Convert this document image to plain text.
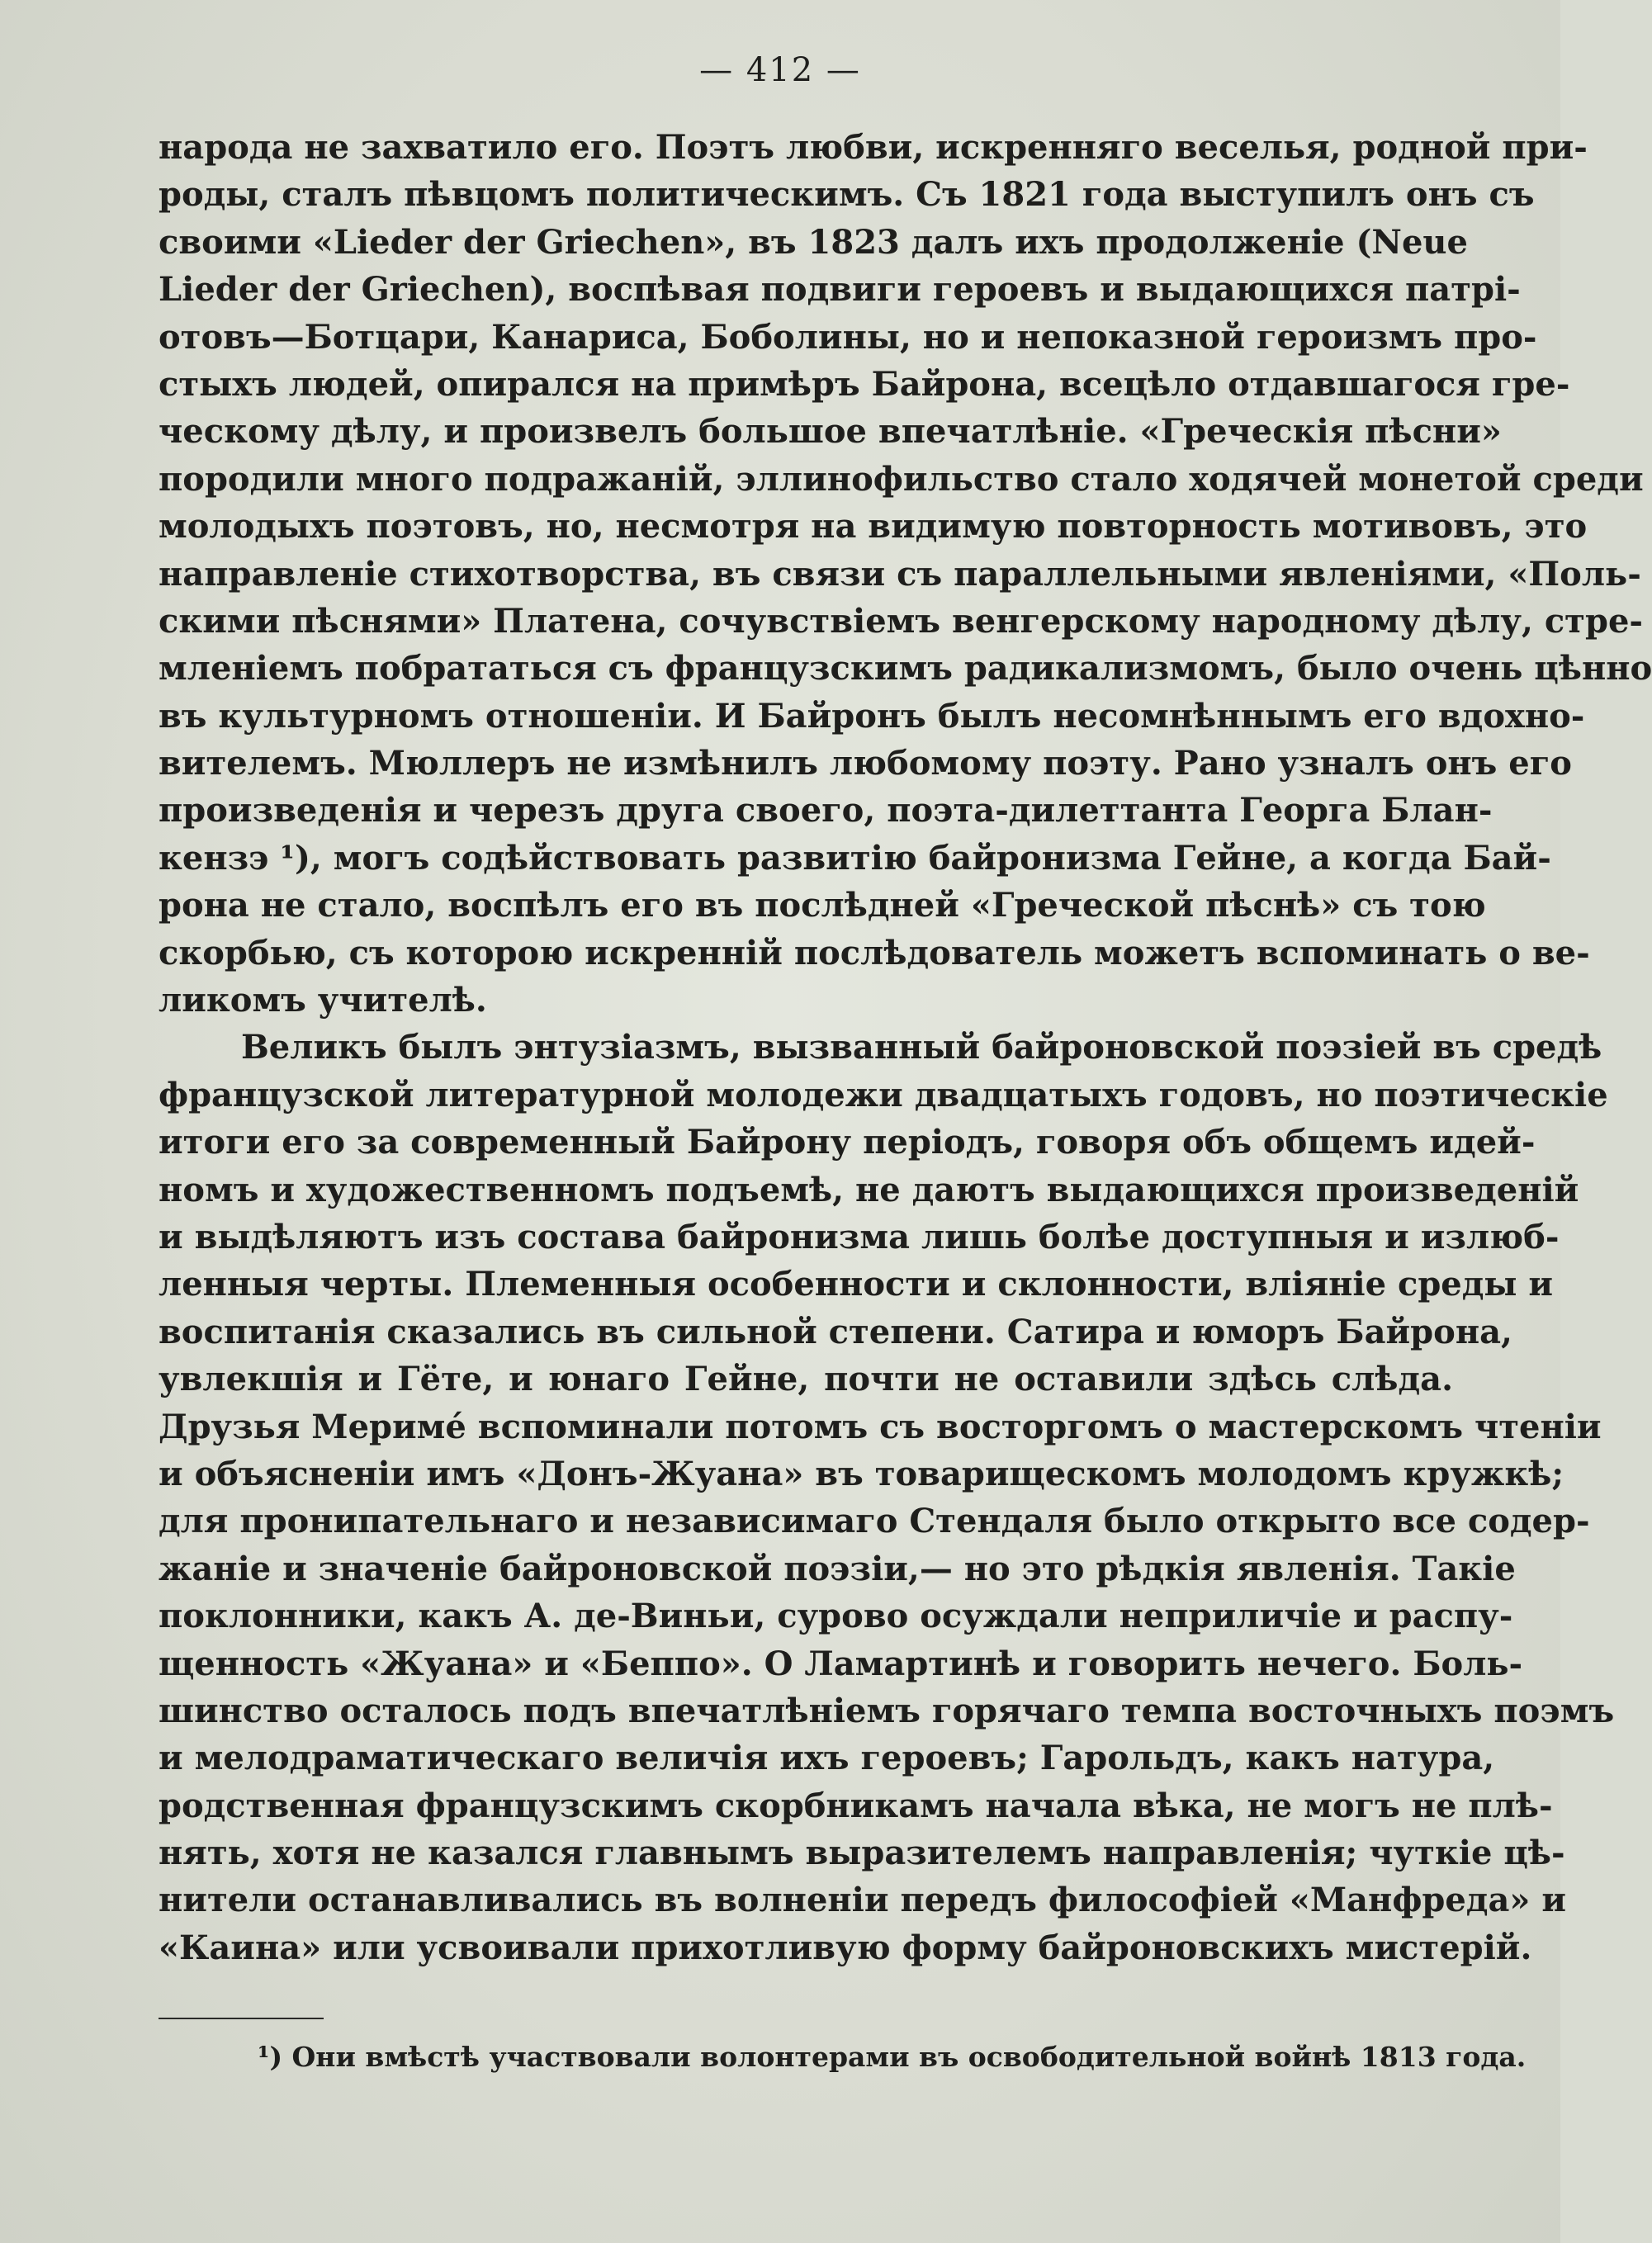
— 412 —
народа не захватило его. Поэтъ любви, искренняго веселья, родной при-
роды, сталъ пѣвцомъ политическимъ. Съ 1821 года выступилъ онъ съ
своими «Lieder der Griechen», въ 1823 далъ ихъ продолженіе (Neue
Lieder der Griechen), воспѣвая подвиги героевъ и выдающихся патрі-
отовъ—Ботцари, Канариса, Боболины, но и непоказной героизмъ про-
стыхъ людей, опирался на примѣръ Байрона, всецѣло отдавшагося гре-
ческому дѣлу, и произвелъ большое впечатлѣніе. «Греческія пѣсни»
породили много подражаній, эллинофильство стало ходячей монетой среди
молодыхъ поэтовъ, но, несмотря на видимую повторность мотивовъ, это
направленіе стихотворства, въ связи съ параллельными явленіями, «Поль-
скими пѣснями» Платена, сочувствіемъ венгерскому народному дѣлу, стре-
мленіемъ побрататься съ французскимъ радикализмомъ, было очень цѣнно
въ культурномъ отношеніи. И Байронъ былъ несомнѣннымъ его вдохно-
вителемъ. Мюллеръ не измѣнилъ любомому поэту. Рано узналъ онъ его
произведенія и черезъ друга своего, поэта-дилеттанта Георга Блан-
кензэ ¹), могъ содѣйствовать развитію байронизма Гейне, а когда Бай-
рона не стало, воспѣлъ его въ послѣдней «Греческой пѣснѣ» съ тою
скорбью, съ которою искренній послѣдователь можетъ вспоминать о ве-
ликомъ учителѣ.
Великъ былъ энтузіазмъ, вызванный байроновской поэзіей въ средѣ
французской литературной молодежи двадцатыхъ годовъ, но поэтическіе
итоги его за современный Байрону періодъ, говоря объ общемъ идей-
номъ и художественномъ подъемѣ, не даютъ выдающихся произведеній
и выдѣляютъ изъ состава байронизма лишь болѣе доступныя и излюб-
ленныя черты. Племенныя особенности и склонности, вліяніе среды и
воспитанія сказались въ сильной степени. Сатира и юморъ Байрона,
увлекшія и Гёте, и юнаго Гейне, почти не оставили здѣсь слѣда.
Друзья Меримé вспоминали потомъ съ восторгомъ о мастерскомъ чтеніи
и объясненіи имъ «Донъ-Жуана» въ товарищескомъ молодомъ кружкѣ;
для пронипательнаго и независимаго Стендаля было открыто все содер-
жаніе и значеніе байроновской поэзіи,— но это рѣдкія явленія. Такіе
поклонники, какъ А. де-Виньи, сурово осуждали неприличіе и распу-
щенность «Жуана» и «Беппо». О Ламартинѣ и говорить нечего. Боль-
шинство осталось подъ впечатлѣніемъ горячаго темпа восточныхъ поэмъ
и мелодраматическаго величія ихъ героевъ; Гарольдъ, какъ натура,
родственная французскимъ скорбникамъ начала вѣка, не могъ не плѣ-
нять, хотя не казался главнымъ выразителемъ направленія; чуткіе цѣ-
нители останавливались въ волненіи передъ философіей «Манфреда» и
«Каина» или усвоивали прихотливую форму байроновскихъ мистерій.
¹) Они вмѣстѣ участвовали волонтерами въ освободительной войнѣ 1813 года.
